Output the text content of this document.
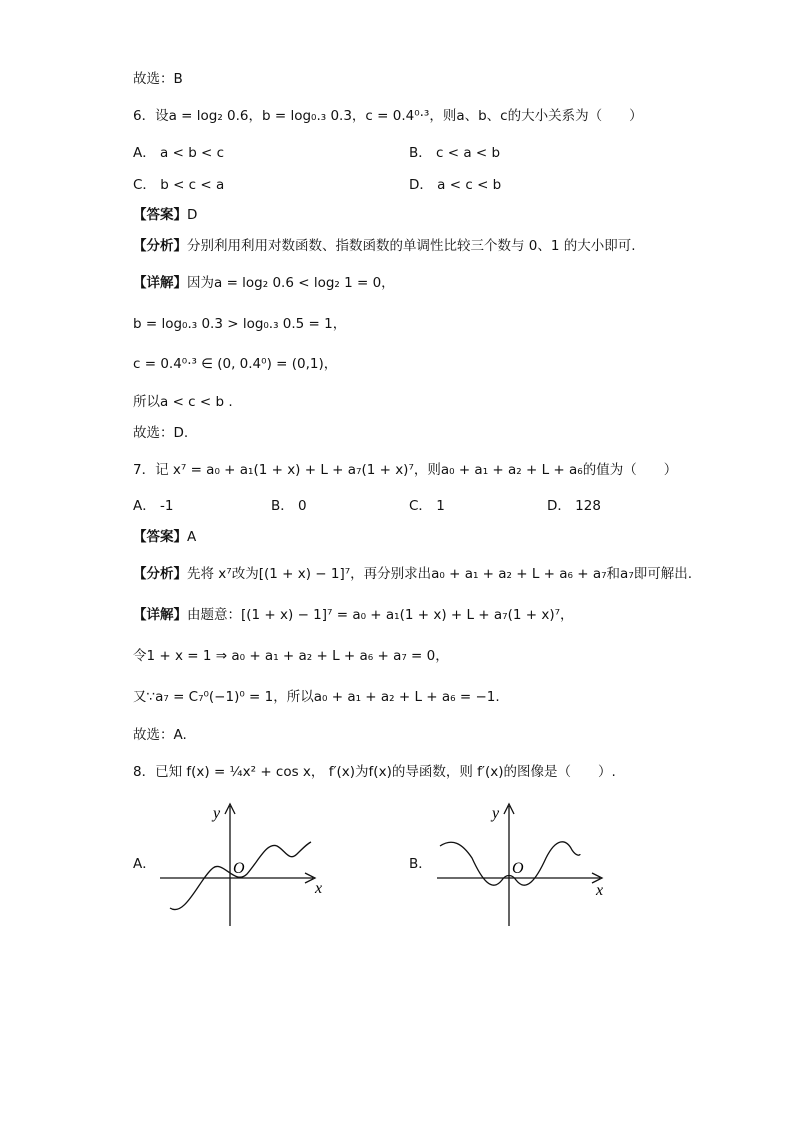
故选：B
6．设a = log₂ 0.6，b = log₀.₃ 0.3，c = 0.4⁰·³，则a、b、c的大小关系为（　　）
A． a < b < c	B． c < a < b
C． b < c < a	D． a < c < b
【答案】D
【分析】分别利用利用对数函数、指数函数的单调性比较三个数与 0、1 的大小即可.
【详解】因为a = log₂ 0.6 < log₂ 1 = 0，
b = log₀.₃ 0.3 > log₀.₃ 0.5 = 1，
c = 0.4⁰·³ ∈ (0, 0.4⁰) = (0,1)，
所以a < c < b .
故选：D.
7．记 x⁷ = a₀ + a₁(1 + x) + L + a₇(1 + x)⁷，则a₀ + a₁ + a₂ + L + a₆的值为（　　）
A． -1	B． 0	C． 1	D． 128
【答案】A
【分析】先将 x⁷改为[(1 + x) − 1]⁷，再分别求出a₀ + a₁ + a₂ + L + a₆ + a₇和a₇即可解出.
【详解】由题意：[(1 + x) − 1]⁷ = a₀ + a₁(1 + x) + L + a₇(1 + x)⁷，
令1 + x = 1 ⇒ a₀ + a₁ + a₂ + L + a₆ + a₇ = 0，
又∵a₇ = C₇⁰(−1)⁰ = 1，所以a₀ + a₁ + a₂ + L + a₆ = −1.
故选：A.
8．已知 f(x) = ¼x² + cos x， f′(x)为f(x)的导函数，则 f′(x)的图像是（　　）.
A．
y
x
O	B．
y
x
O
